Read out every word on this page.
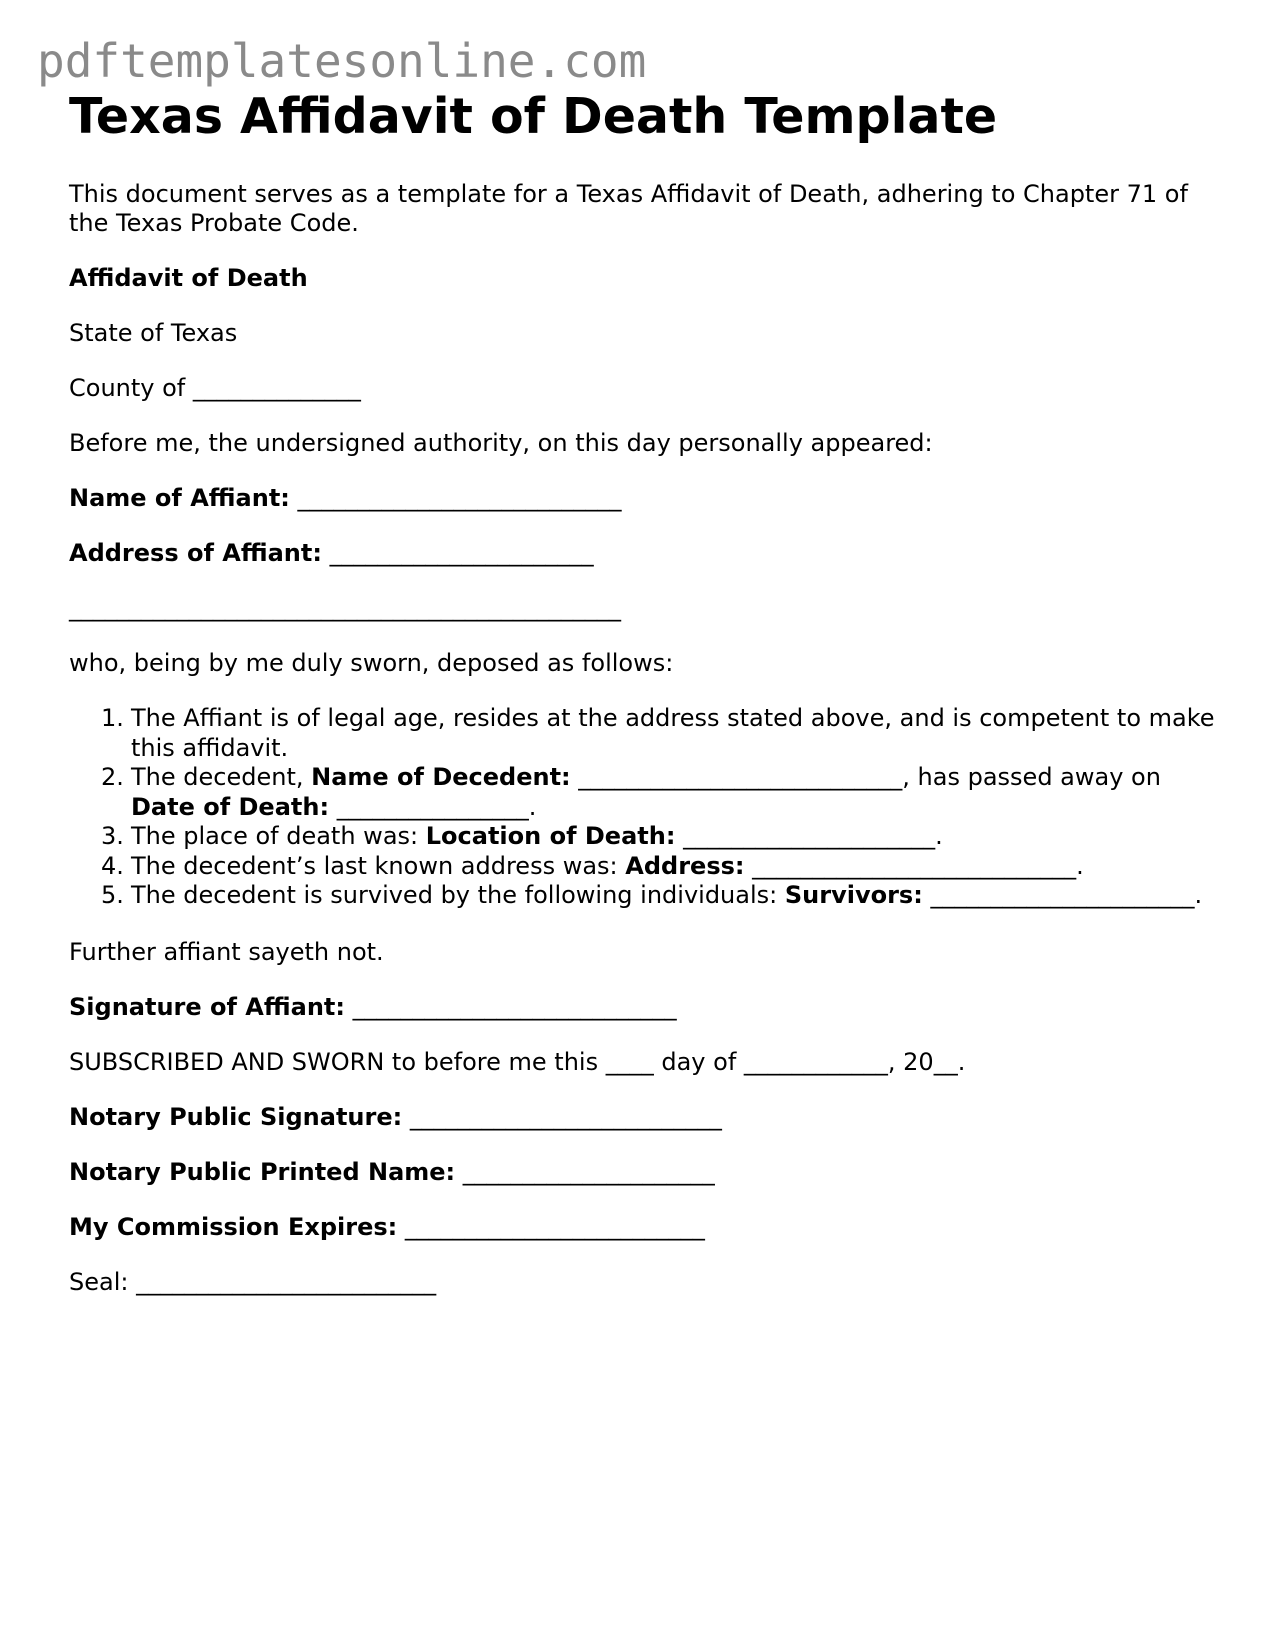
pdftemplatesonline.com
Texas Affidavit of Death Template
This document serves as a template for a Texas Affidavit of Death, adhering to Chapter 71 of the Texas Probate Code.
Affidavit of Death
State of Texas
County of ______________
Before me, the undersigned authority, on this day personally appeared:
Name of Affiant: ___________________________
Address of Affiant: ______________________
______________________________________________
who, being by me duly sworn, deposed as follows:
1. The Affiant is of legal age, resides at the address stated above, and is competent to make this affidavit.
2. The decedent, Name of Decedent: ___________________________, has passed away on Date of Death: ________________.
3. The place of death was: Location of Death: _____________________.
4. The decedent’s last known address was: Address: ___________________________.
5. The decedent is survived by the following individuals: Survivors: ______________________.
Further affiant sayeth not.
Signature of Affiant: ___________________________
SUBSCRIBED AND SWORN to before me this ____ day of ____________, 20__.
Notary Public Signature: __________________________
Notary Public Printed Name: _____________________
My Commission Expires: _________________________
Seal: _________________________
